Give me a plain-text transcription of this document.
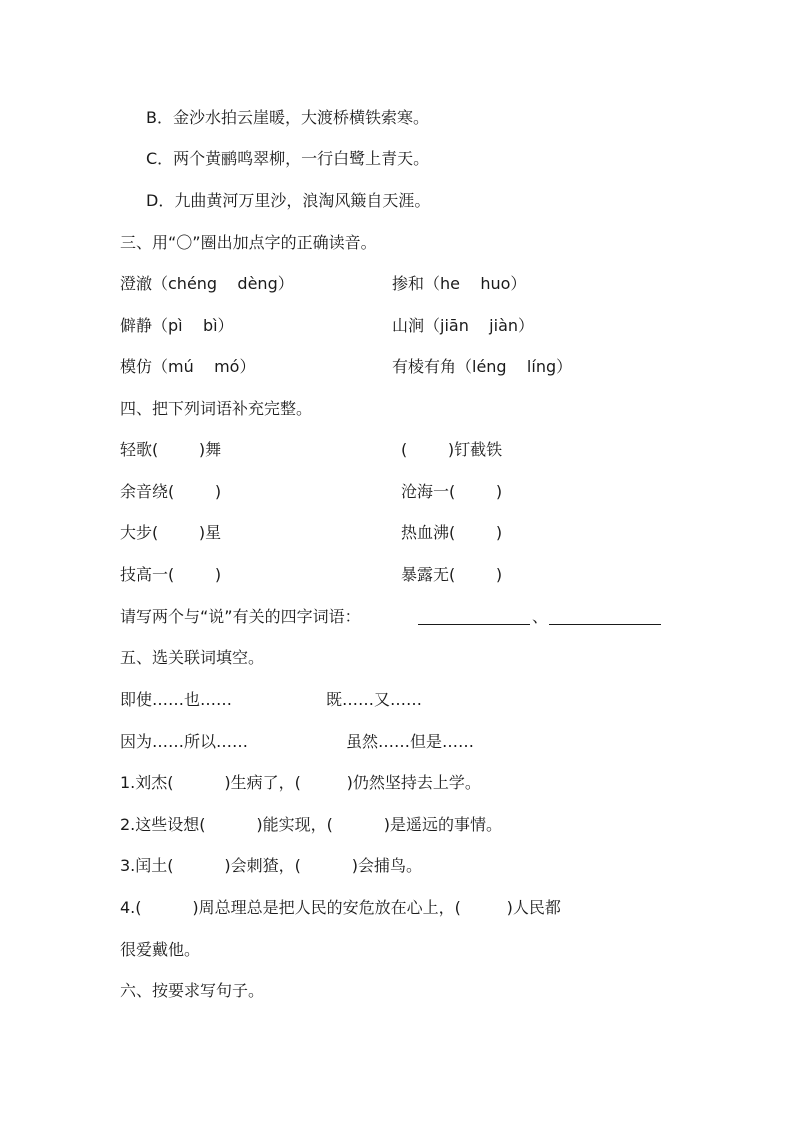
B．金沙水拍云崖暖，大渡桥横铁索寒。
C．两个黄鹂鸣翠柳，一行白鹭上青天。
D．九曲黄河万里沙，浪淘风簸自天涯。
三、用“〇”圈出加点字的正确读音。
澄澈（chéng    dèng）	掺和（he    huo）
僻静（pì    bì）	山涧（jiān    jiàn）
模仿（mú    mó）	有棱有角（léng    líng）
四、把下列词语补充完整。
轻歌(        )舞	(        )钉截铁
余音绕(        )	沧海一(        )
大步(        )星	热血沸(        )
技高一(        )	暴露无(        )
请写两个与“说”有关的四字词语：	、
五、选关联词填空。
即使……也……	既……又……
因为……所以……	虽然……但是……
1.刘杰(          )生病了，(         )仍然坚持去上学。
2.这些设想(          )能实现，(          )是遥远的事情。
3.闰土(          )会刺猹，(          )会捕鸟。
4.(          )周总理总是把人民的安危放在心上，(         )人民都
很爱戴他。
六、按要求写句子。
